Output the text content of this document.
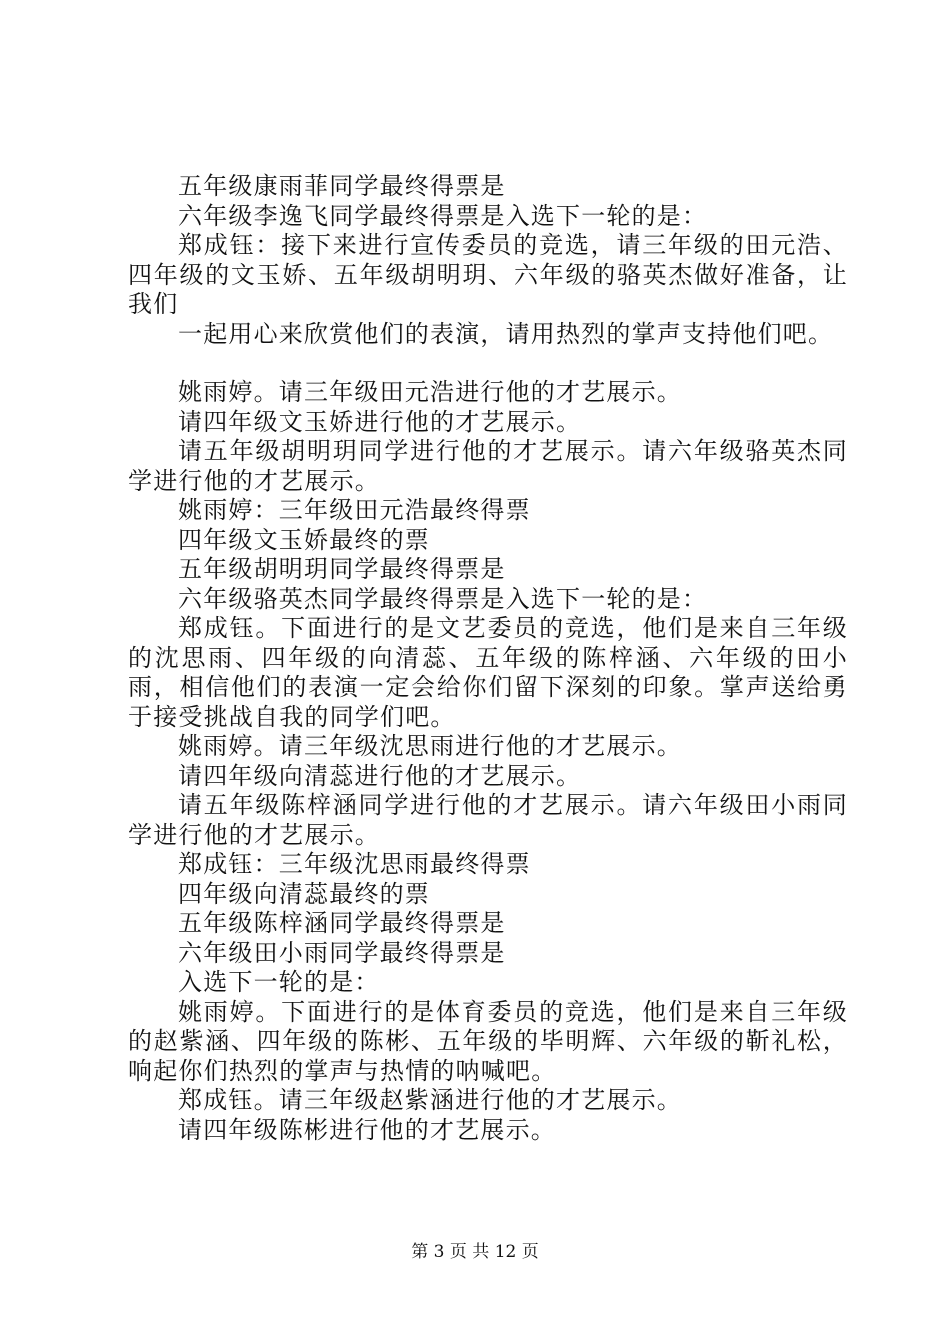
五年级康雨菲同学最终得票是

六年级李逸飞同学最终得票是入选下一轮的是：

郑成钰：接下来进行宣传委员的竞选，请三年级的田元浩、四年级的文玉娇、五年级胡明玥、六年级的骆英杰做好准备，让我们

一起用心来欣赏他们的表演，请用热烈的掌声支持他们吧。

姚雨婷。请三年级田元浩进行他的才艺展示。

请四年级文玉娇进行他的才艺展示。

请五年级胡明玥同学进行他的才艺展示。请六年级骆英杰同学进行他的才艺展示。

姚雨婷：三年级田元浩最终得票

四年级文玉娇最终的票

五年级胡明玥同学最终得票是

六年级骆英杰同学最终得票是入选下一轮的是：

郑成钰。下面进行的是文艺委员的竞选，他们是来自三年级的沈思雨、四年级的向清蕊、五年级的陈梓涵、六年级的田小雨，相信他们的表演一定会给你们留下深刻的印象。掌声送给勇于接受挑战自我的同学们吧。

姚雨婷。请三年级沈思雨进行他的才艺展示。

请四年级向清蕊进行他的才艺展示。

请五年级陈梓涵同学进行他的才艺展示。请六年级田小雨同学进行他的才艺展示。

郑成钰：三年级沈思雨最终得票

四年级向清蕊最终的票

五年级陈梓涵同学最终得票是

六年级田小雨同学最终得票是

入选下一轮的是：

姚雨婷。下面进行的是体育委员的竞选，他们是来自三年级的赵紫涵、四年级的陈彬、五年级的毕明辉、六年级的靳礼松，响起你们热烈的掌声与热情的呐喊吧。

郑成钰。请三年级赵紫涵进行他的才艺展示。

请四年级陈彬进行他的才艺展示。

第 3 页 共 12 页
